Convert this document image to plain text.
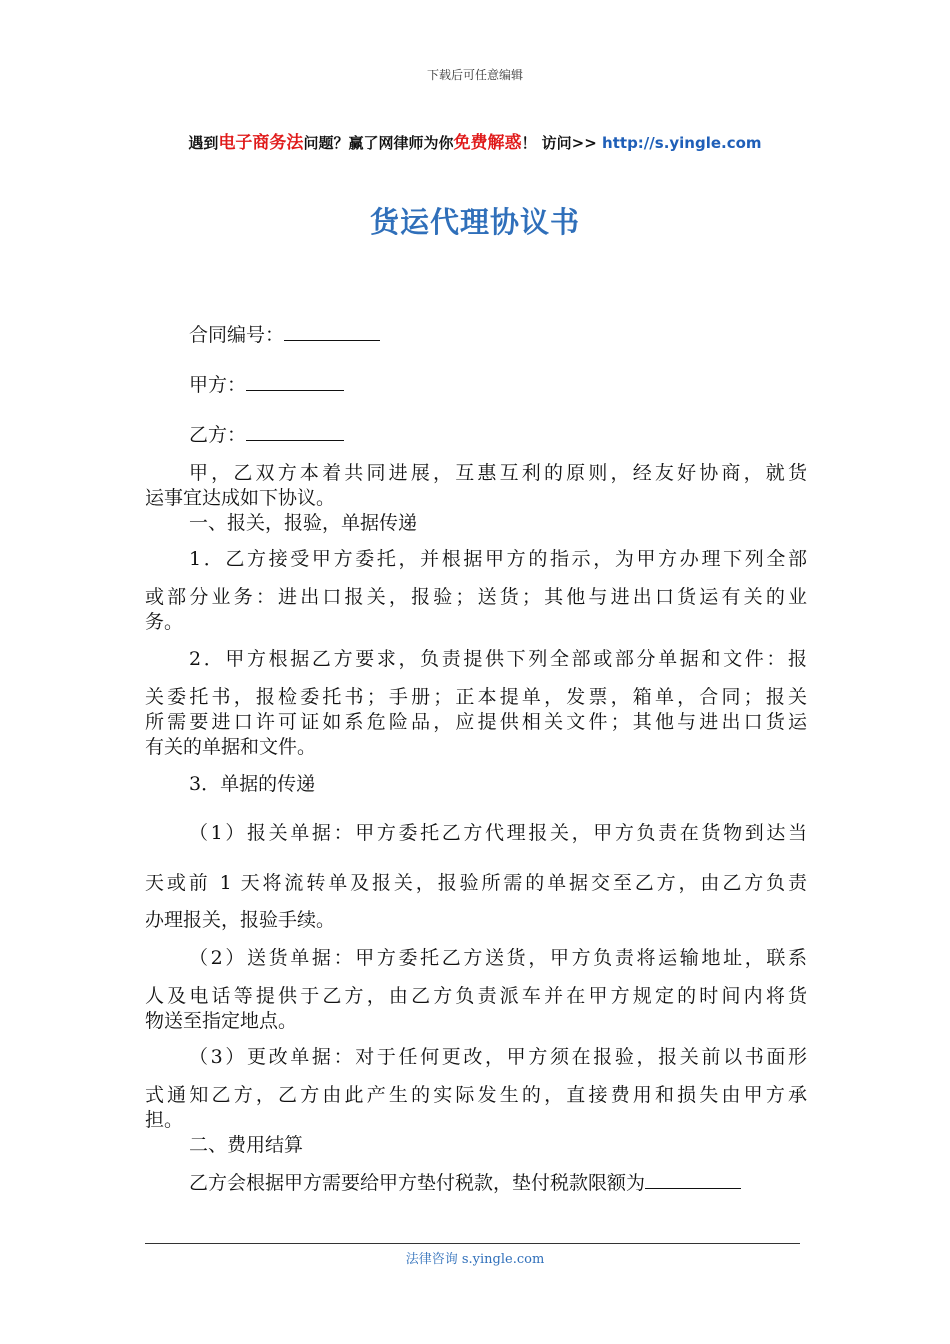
下载后可任意编辑
遇到电子商务法问题？赢了网律师为你免费解惑！ 访问>> http://s.yingle.com
货运代理协议书
合同编号：
甲方：
乙方：
甲，乙双方本着共同进展，互惠互利的原则，经友好协商，就货
运事宜达成如下协议。
一、报关，报验，单据传递
1．乙方接受甲方委托，并根据甲方的指示，为甲方办理下列全部
或部分业务：进出口报关，报验；送货；其他与进出口货运有关的业
务。
2．甲方根据乙方要求，负责提供下列全部或部分单据和文件：报
关委托书，报检委托书；手册；正本提单，发票，箱单，合同；报关
所需要进口许可证如系危险品，应提供相关文件；其他与进出口货运
有关的单据和文件。
3．单据的传递
（1）报关单据：甲方委托乙方代理报关，甲方负责在货物到达当
天或前 1 天将流转单及报关，报验所需的单据交至乙方，由乙方负责
办理报关，报验手续。
（2）送货单据：甲方委托乙方送货，甲方负责将运输地址，联系
人及电话等提供于乙方，由乙方负责派车并在甲方规定的时间内将货
物送至指定地点。
（3）更改单据：对于任何更改，甲方须在报验，报关前以书面形
式通知乙方，乙方由此产生的实际发生的，直接费用和损失由甲方承
担。
二、费用结算
乙方会根据甲方需要给甲方垫付税款，垫付税款限额为
法律咨询 s.yingle.com
